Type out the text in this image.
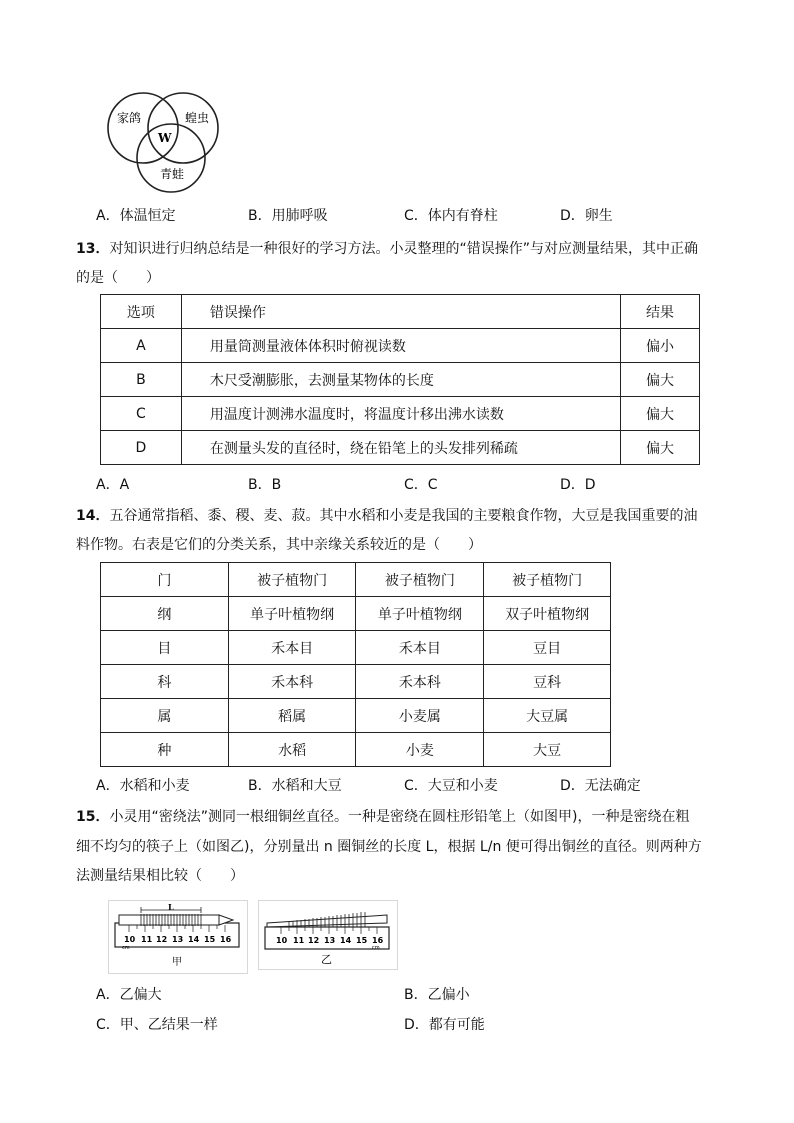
家鸽	蝗虫
青蛙
W
A．体温恒定	B．用肺呼吸	C．体内有脊柱	D．卵生
13．对知识进行归纳总结是一种很好的学习方法。小灵整理的“错误操作”与对应测量结果，其中正确
的是（　　）
选项	错误操作	结果
A	用量筒测量液体体积时俯视读数	偏小
B	木尺受潮膨胀，去测量某物体的长度	偏大
C	用温度计测沸水温度时，将温度计移出沸水读数	偏大
D	在测量头发的直径时，绕在铅笔上的头发排列稀疏	偏大
A．A	B．B	C．C	D．D
14．五谷通常指稻、黍、稷、麦、菽。其中水稻和小麦是我国的主要粮食作物，大豆是我国重要的油
料作物。右表是它们的分类关系，其中亲缘关系较近的是（　　）
门	被子植物门	被子植物门	被子植物门
纲	单子叶植物纲	单子叶植物纲	双子叶植物纲
目	禾本目	禾本目	豆目
科	禾本科	禾本科	豆科
属	稻属	小麦属	大豆属
种	水稻	小麦	大豆
A．水稻和小麦	B．水稻和大豆	C．大豆和小麦	D．无法确定
15．小灵用“密绕法”测同一根细铜丝直径。一种是密绕在圆柱形铅笔上（如图甲)，一种是密绕在粗
细不均匀的筷子上（如图乙)，分别量出 n 圈铜丝的长度 L，根据 L/n 便可得出铜丝的直径。则两种方
法测量结果相比较（　　）
L
10 11 12 13 14 15 16
cm
甲
10 11 12 13 14 15 16
cm
乙
A．乙偏大	B．乙偏小
C．甲、乙结果一样	D．都有可能
